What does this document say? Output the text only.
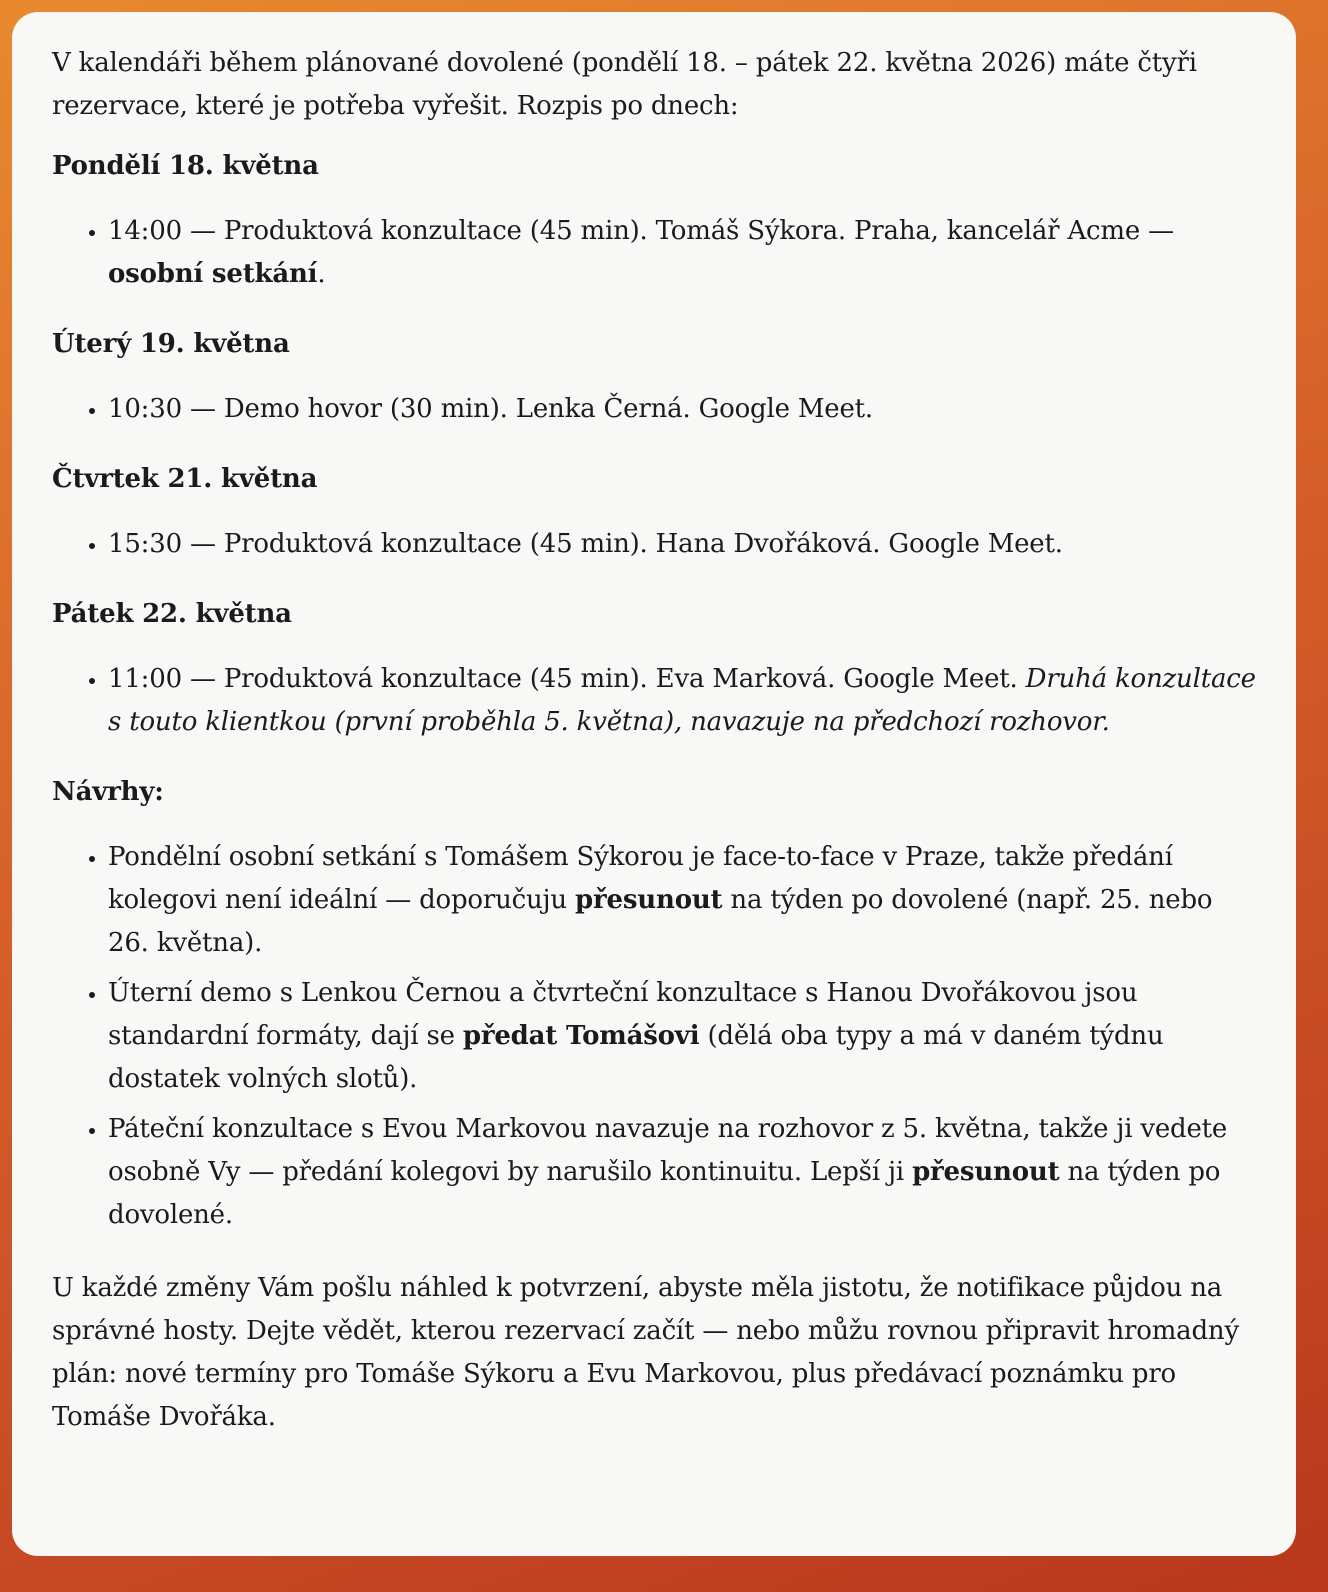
V kalendáři během plánované dovolené (pondělí 18. – pátek 22. května 2026) máte čtyři rezervace, které je potřeba vyřešit. Rozpis po dnech:

Pondělí 18. května

• 14:00 — Produktová konzultace (45 min). Tomáš Sýkora. Praha, kancelář Acme — osobní setkání.

Úterý 19. května

• 10:30 — Demo hovor (30 min). Lenka Černá. Google Meet.

Čtvrtek 21. května

• 15:30 — Produktová konzultace (45 min). Hana Dvořáková. Google Meet.

Pátek 22. května

• 11:00 — Produktová konzultace (45 min). Eva Marková. Google Meet. Druhá konzultace s touto klientkou (první proběhla 5. května), navazuje na předchozí rozhovor.

Návrhy:

• Pondělní osobní setkání s Tomášem Sýkorou je face-to-face v Praze, takže předání kolegovi není ideální — doporučuju přesunout na týden po dovolené (např. 25. nebo 26. května).
• Úterní demo s Lenkou Černou a čtvrteční konzultace s Hanou Dvořákovou jsou standardní formáty, dají se předat Tomášovi (dělá oba typy a má v daném týdnu dostatek volných slotů).
• Páteční konzultace s Evou Markovou navazuje na rozhovor z 5. května, takže ji vedete osobně Vy — předání kolegovi by narušilo kontinuitu. Lepší ji přesunout na týden po dovolené.

U každé změny Vám pošlu náhled k potvrzení, abyste měla jistotu, že notifikace půjdou na správné hosty. Dejte vědět, kterou rezervací začít — nebo můžu rovnou připravit hromadný plán: nové termíny pro Tomáše Sýkoru a Evu Markovou, plus předávací poznámku pro Tomáše Dvořáka.
